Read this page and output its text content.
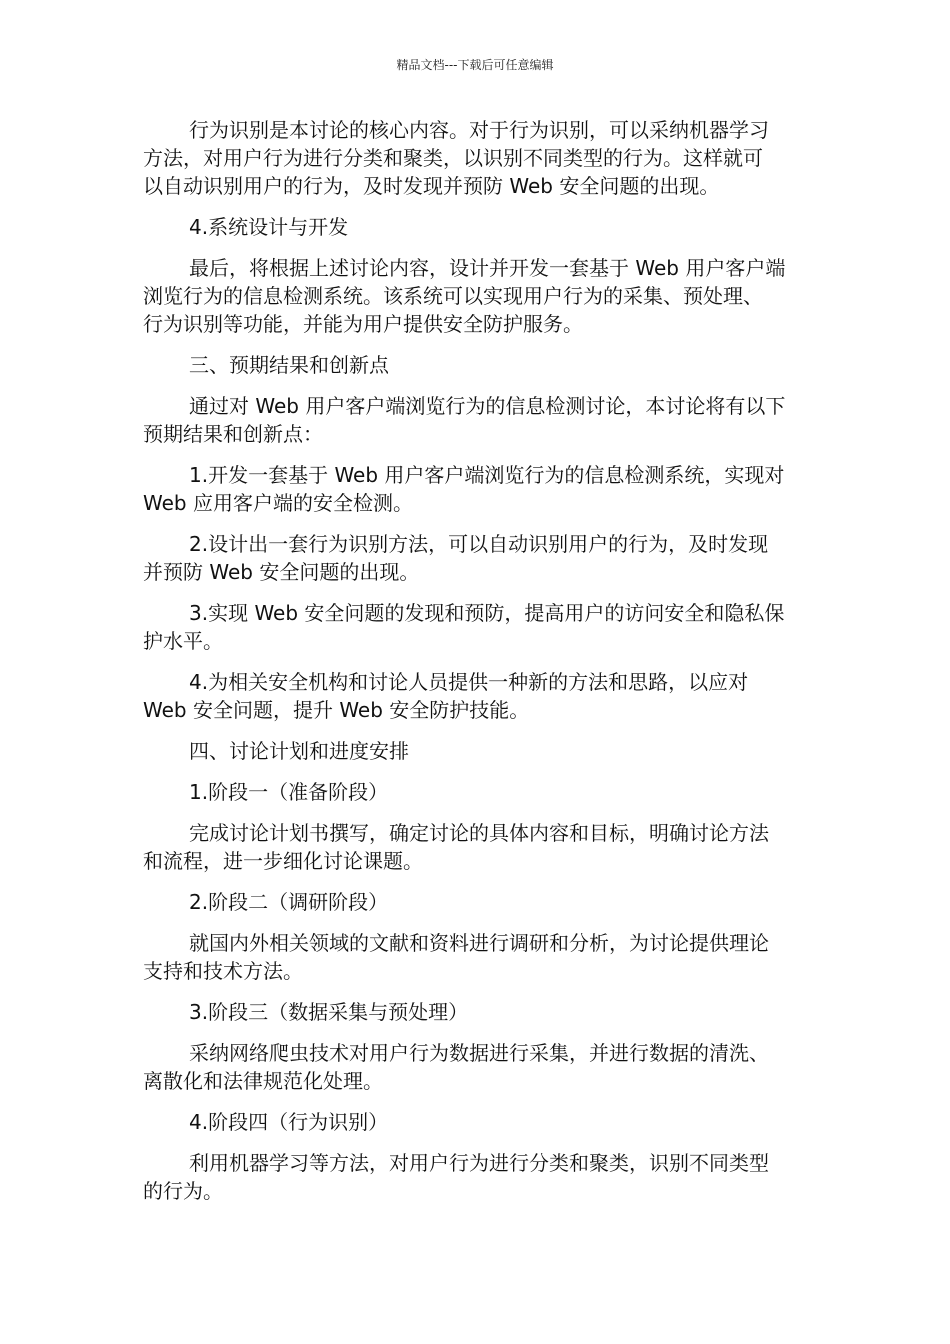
精品文档---下载后可任意编辑
行为识别是本讨论的核心内容。对于行为识别，可以采纳机器学习
方法，对用户行为进行分类和聚类，以识别不同类型的行为。这样就可
以自动识别用户的行为，及时发现并预防 Web 安全问题的出现。
4.系统设计与开发
最后，将根据上述讨论内容，设计并开发一套基于 Web 用户客户端
浏览行为的信息检测系统。该系统可以实现用户行为的采集、预处理、
行为识别等功能，并能为用户提供安全防护服务。
三、预期结果和创新点
通过对 Web 用户客户端浏览行为的信息检测讨论，本讨论将有以下
预期结果和创新点：
1.开发一套基于 Web 用户客户端浏览行为的信息检测系统，实现对
Web 应用客户端的安全检测。
2.设计出一套行为识别方法，可以自动识别用户的行为，及时发现
并预防 Web 安全问题的出现。
3.实现 Web 安全问题的发现和预防，提高用户的访问安全和隐私保
护水平。
4.为相关安全机构和讨论人员提供一种新的方法和思路，以应对
Web 安全问题，提升 Web 安全防护技能。
四、讨论计划和进度安排
1.阶段一（准备阶段）
完成讨论计划书撰写，确定讨论的具体内容和目标，明确讨论方法
和流程，进一步细化讨论课题。
2.阶段二（调研阶段）
就国内外相关领域的文献和资料进行调研和分析，为讨论提供理论
支持和技术方法。
3.阶段三（数据采集与预处理）
采纳网络爬虫技术对用户行为数据进行采集，并进行数据的清洗、
离散化和法律规范化处理。
4.阶段四（行为识别）
利用机器学习等方法，对用户行为进行分类和聚类，识别不同类型
的行为。
